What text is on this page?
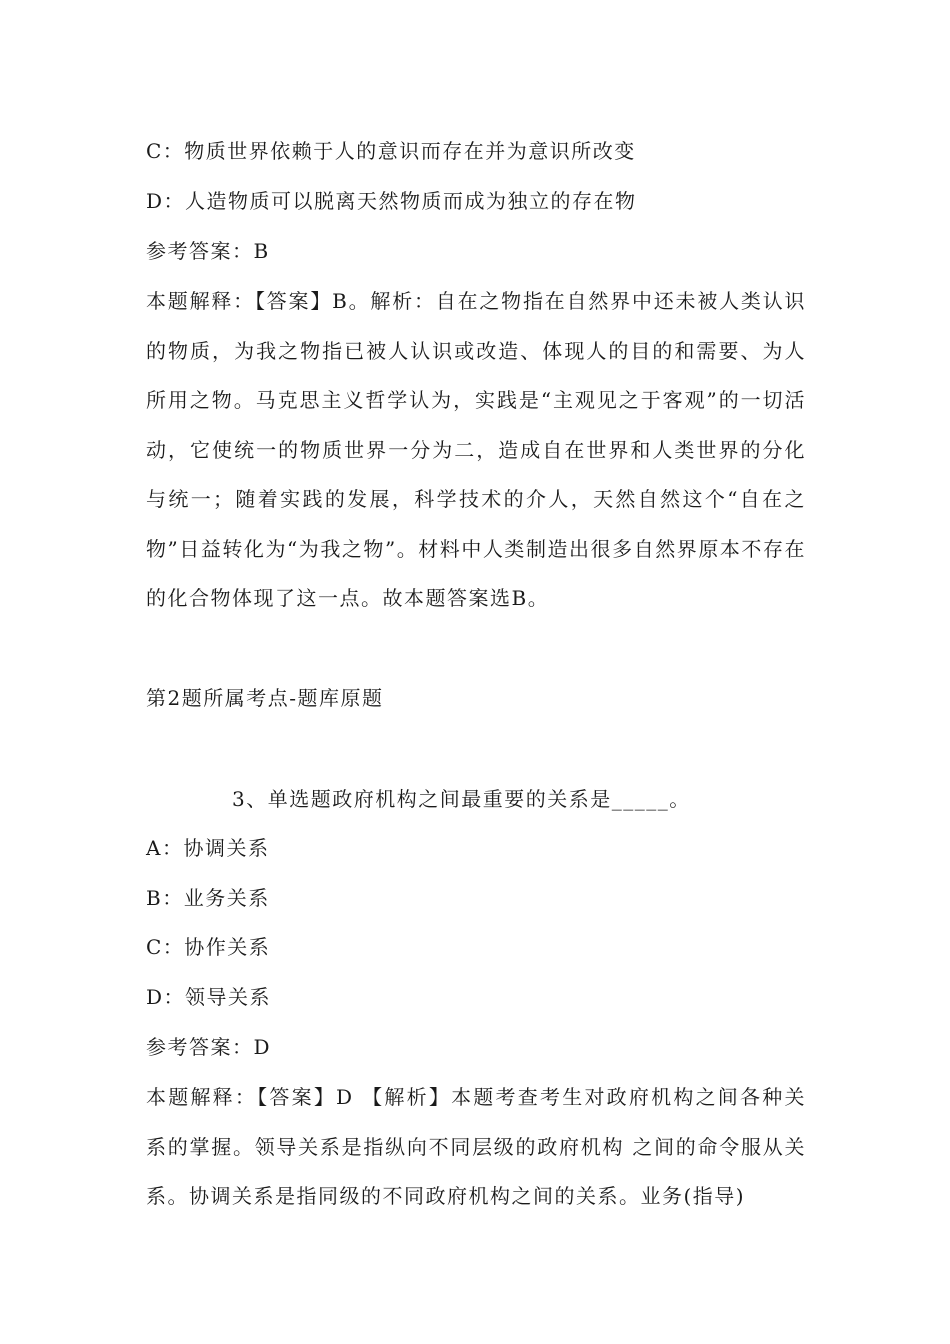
C：物质世界依赖于人的意识而存在并为意识所改变
D：人造物质可以脱离天然物质而成为独立的存在物
参考答案：B
本题解释：【答案】B。解析：自在之物指在自然界中还未被人类认识的物质，为我之物指已被人认识或改造、体现人的目的和需要、为人所用之物。马克思主义哲学认为，实践是“主观见之于客观”的一切活动，它使统一的物质世界一分为二，造成自在世界和人类世界的分化与统一；随着实践的发展，科学技术的介人，天然自然这个“自在之物”日益转化为“为我之物”。材料中人类制造出很多自然界原本不存在的化合物体现了这一点。故本题答案选B。
第2题所属考点-题库原题
3、单选题政府机构之间最重要的关系是_____。
A：协调关系
B：业务关系
C：协作关系
D：领导关系
参考答案：D
本题解释：【答案】D 【解析】本题考查考生对政府机构之间各种关系的掌握。领导关系是指纵向不同层级的政府机构 之间的命令服从关系。协调关系是指同级的不同政府机构之间的关系。业务(指导)
